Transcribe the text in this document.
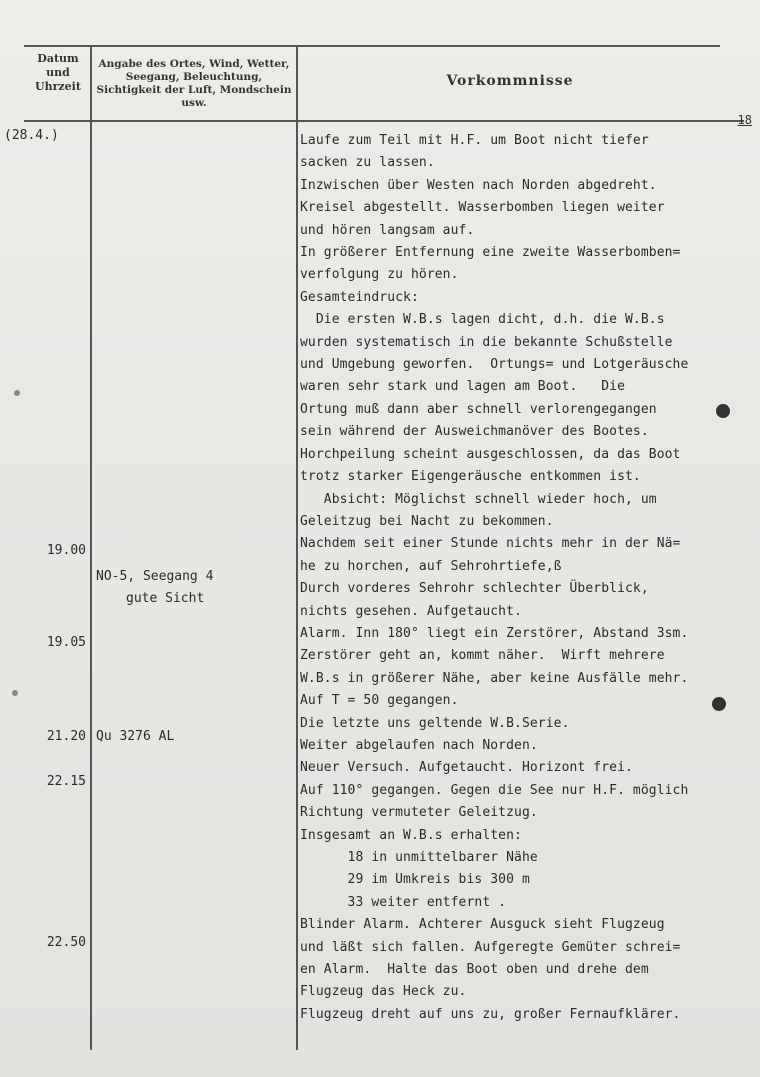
Datum und Uhrzeit
Angabe des Ortes, Wind, Wetter, Seegang, Beleuchtung, Sichtigkeit der Luft, Mondschein usw.
Vorkommnisse
18
(28.4.)
19.00
19.05
21.20
22.15
22.50
NO-5, Seegang 4
gute Sicht
Qu 3276 AL
Laufe zum Teil mit H.F. um Boot nicht tiefer
sacken zu lassen.
Inzwischen über Westen nach Norden abgedreht.
Kreisel abgestellt. Wasserbomben liegen weiter
und hören langsam auf.
In größerer Entfernung eine zweite Wasserbomben=
verfolgung zu hören.
Gesamteindruck:
Die ersten W.B.s lagen dicht, d.h. die W.B.s
wurden systematisch in die bekannte Schußstelle
und Umgebung geworfen.  Ortungs= und Lotgeräusche
waren sehr stark und lagen am Boot.   Die
Ortung muß dann aber schnell verlorengegangen
sein während der Ausweichmanöver des Bootes.
Horchpeilung scheint ausgeschlossen, da das Boot
trotz starker Eigengeräusche entkommen ist.
Absicht: Möglichst schnell wieder hoch, um
Geleitzug bei Nacht zu bekommen.
Nachdem seit einer Stunde nichts mehr in der Nä=
he zu horchen, auf Sehrohrtiefe,ß
Durch vorderes Sehrohr schlechter Überblick,
nichts gesehen. Aufgetaucht.
Alarm. Inn 180° liegt ein Zerstörer, Abstand 3sm.
Zerstörer geht an, kommt näher.  Wirft mehrere
W.B.s in größerer Nähe, aber keine Ausfälle mehr.
Auf T = 50 gegangen.
Die letzte uns geltende W.B.Serie.
Weiter abgelaufen nach Norden.
Neuer Versuch. Aufgetaucht. Horizont frei.
Auf 110° gegangen. Gegen die See nur H.F. möglich
Richtung vermuteter Geleitzug.
Insgesamt an W.B.s erhalten:
18 in unmittelbarer Nähe
29 im Umkreis bis 300 m
33 weiter entfernt .
Blinder Alarm. Achterer Ausguck sieht Flugzeug
und läßt sich fallen. Aufgeregte Gemüter schrei=
en Alarm.  Halte das Boot oben und drehe dem
Flugzeug das Heck zu.
Flugzeug dreht auf uns zu, großer Fernaufklärer.
